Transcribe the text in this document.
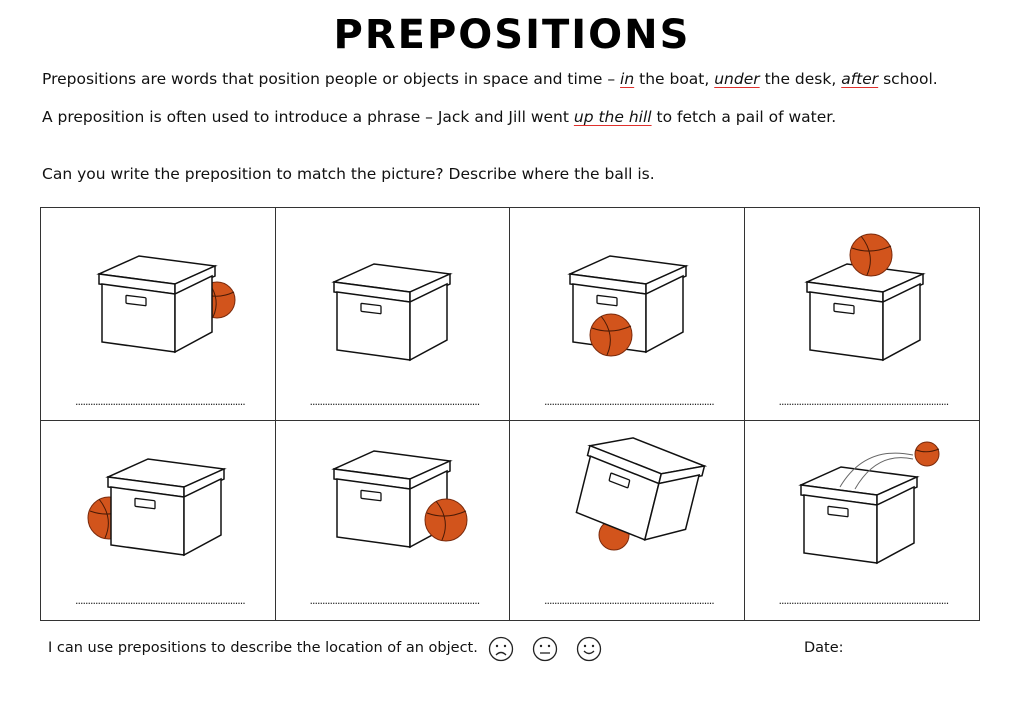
PREPOSITIONS
Prepositions are words that position people or objects in space and time – in the boat, under the desk, after school.
A preposition is often used to introduce a phrase – Jack and Jill went up the hill to fetch a pail of water.
Can you write the preposition to match the picture? Describe where the ball is.
....................................................................	....................................................................	....................................................................	....................................................................
....................................................................	....................................................................	....................................................................	....................................................................
I can use prepositions to describe the location of an object.	Date:
